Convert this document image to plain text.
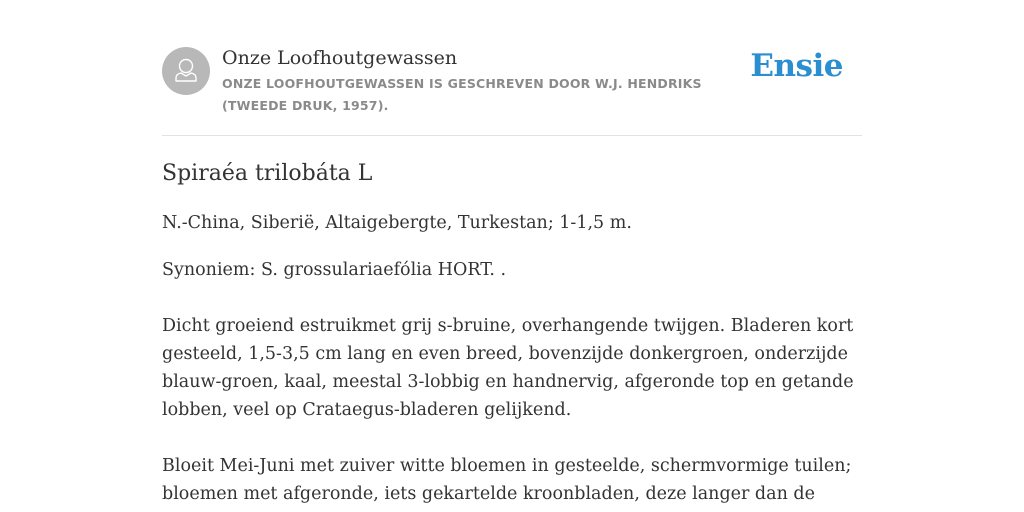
Onze Loofhoutgewassen
ONZE LOOFHOUTGEWASSEN IS GESCHREVEN DOOR W.J. HENDRIKS (TWEEDE DRUK, 1957).
Ensie
Spiraéa trilobáta L

N.-China, Siberië, Altaigebergte, Turkestan; 1-1,5 m.

Synoniem: S. grossulariaefólia HORT. .

Dicht groeiend estruikmet grij s-bruine, overhangende twijgen. Bladeren kort gesteeld, 1,5-3,5 cm lang en even breed, bovenzijde donkergroen, onderzijde blauw-groen, kaal, meestal 3-lobbig en handnervig, afgeronde top en getande lobben, veel op Crataegus-bladeren gelijkend.

Bloeit Mei-Juni met zuiver witte bloemen in gesteelde, schermvormige tuilen; bloemen met afgeronde, iets gekartelde kroonbladen, deze langer dan de
